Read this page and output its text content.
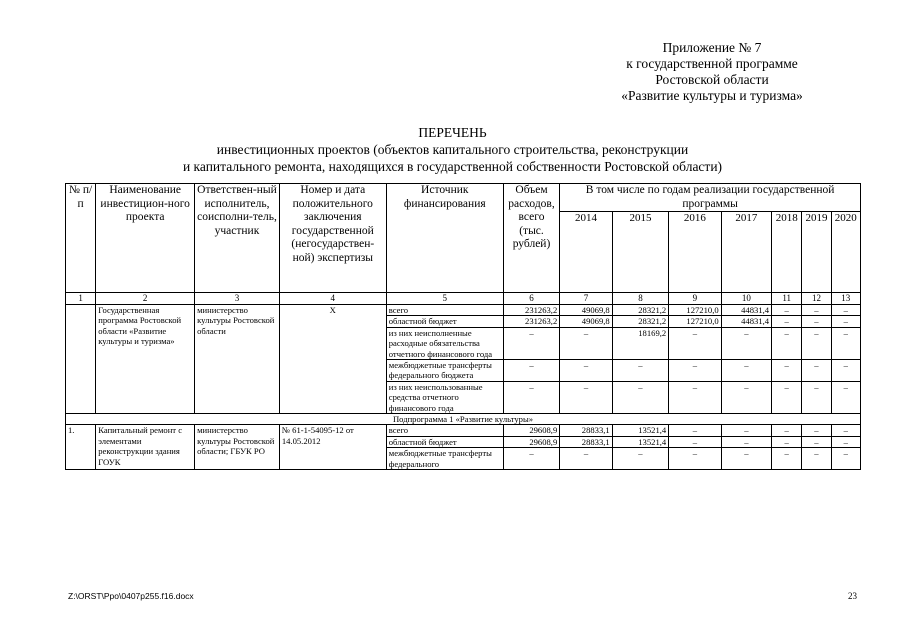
Приложение № 7
к государственной программе
Ростовской области
«Развитие культуры и туризма»
ПЕРЕЧЕНЬ
инвестиционных проектов (объектов капитального строительства, реконструкции
и капитального ремонта, находящихся в государственной собственности Ростовской области)
№ п/п	Наименование инвестицион-ного проекта	Ответствен-ный исполнитель, соисполни-тель, участник	Номер и дата положительного заключения государственной (негосударствен-ной) экспертизы	Источник финансирования	Объем расходов, всего (тыс. рублей)	В том числе по годам реализации государственной программы						
						2014	2015	2016	2017	2018	2019	2020
1	2	3	4	5	6	7	8	9	10	11	12	13
	Государственная программа Ростовской области «Развитие культуры и туризма»	министерство культуры Ростовской области	Х	всего	231263,2	49069,8	28321,2	127210,0	44831,4	–	–	–
				областной бюджет	231263,2	49069,8	28321,2	127210,0	44831,4	–	–	–
				из них неисполненные расходные обязательства отчетного финансового года	–	–	18169,2	–	–	–	–	–
				межбюджетные трансферты федерального бюджета	–	–	–	–	–	–	–	–
				из них неиспользованные средства отчетного финансового года	–	–	–	–	–	–	–	–
Подпрограмма 1 «Развитие культуры»												
1.	Капитальный ремонт с элементами реконструкции здания ГОУК	министерство культуры Ростовской области; ГБУК РО	№ 61-1-54095-12 от 14.05.2012	всего	29608,9	28833,1	13521,4	–	–	–	–	–
				областной бюджет	29608,9	28833,1	13521,4	–	–	–	–	–
				межбюджетные трансферты федерального	–	–	–	–	–	–	–	–
Z:\ORST\Ppo\0407p255.f16.docx	23
